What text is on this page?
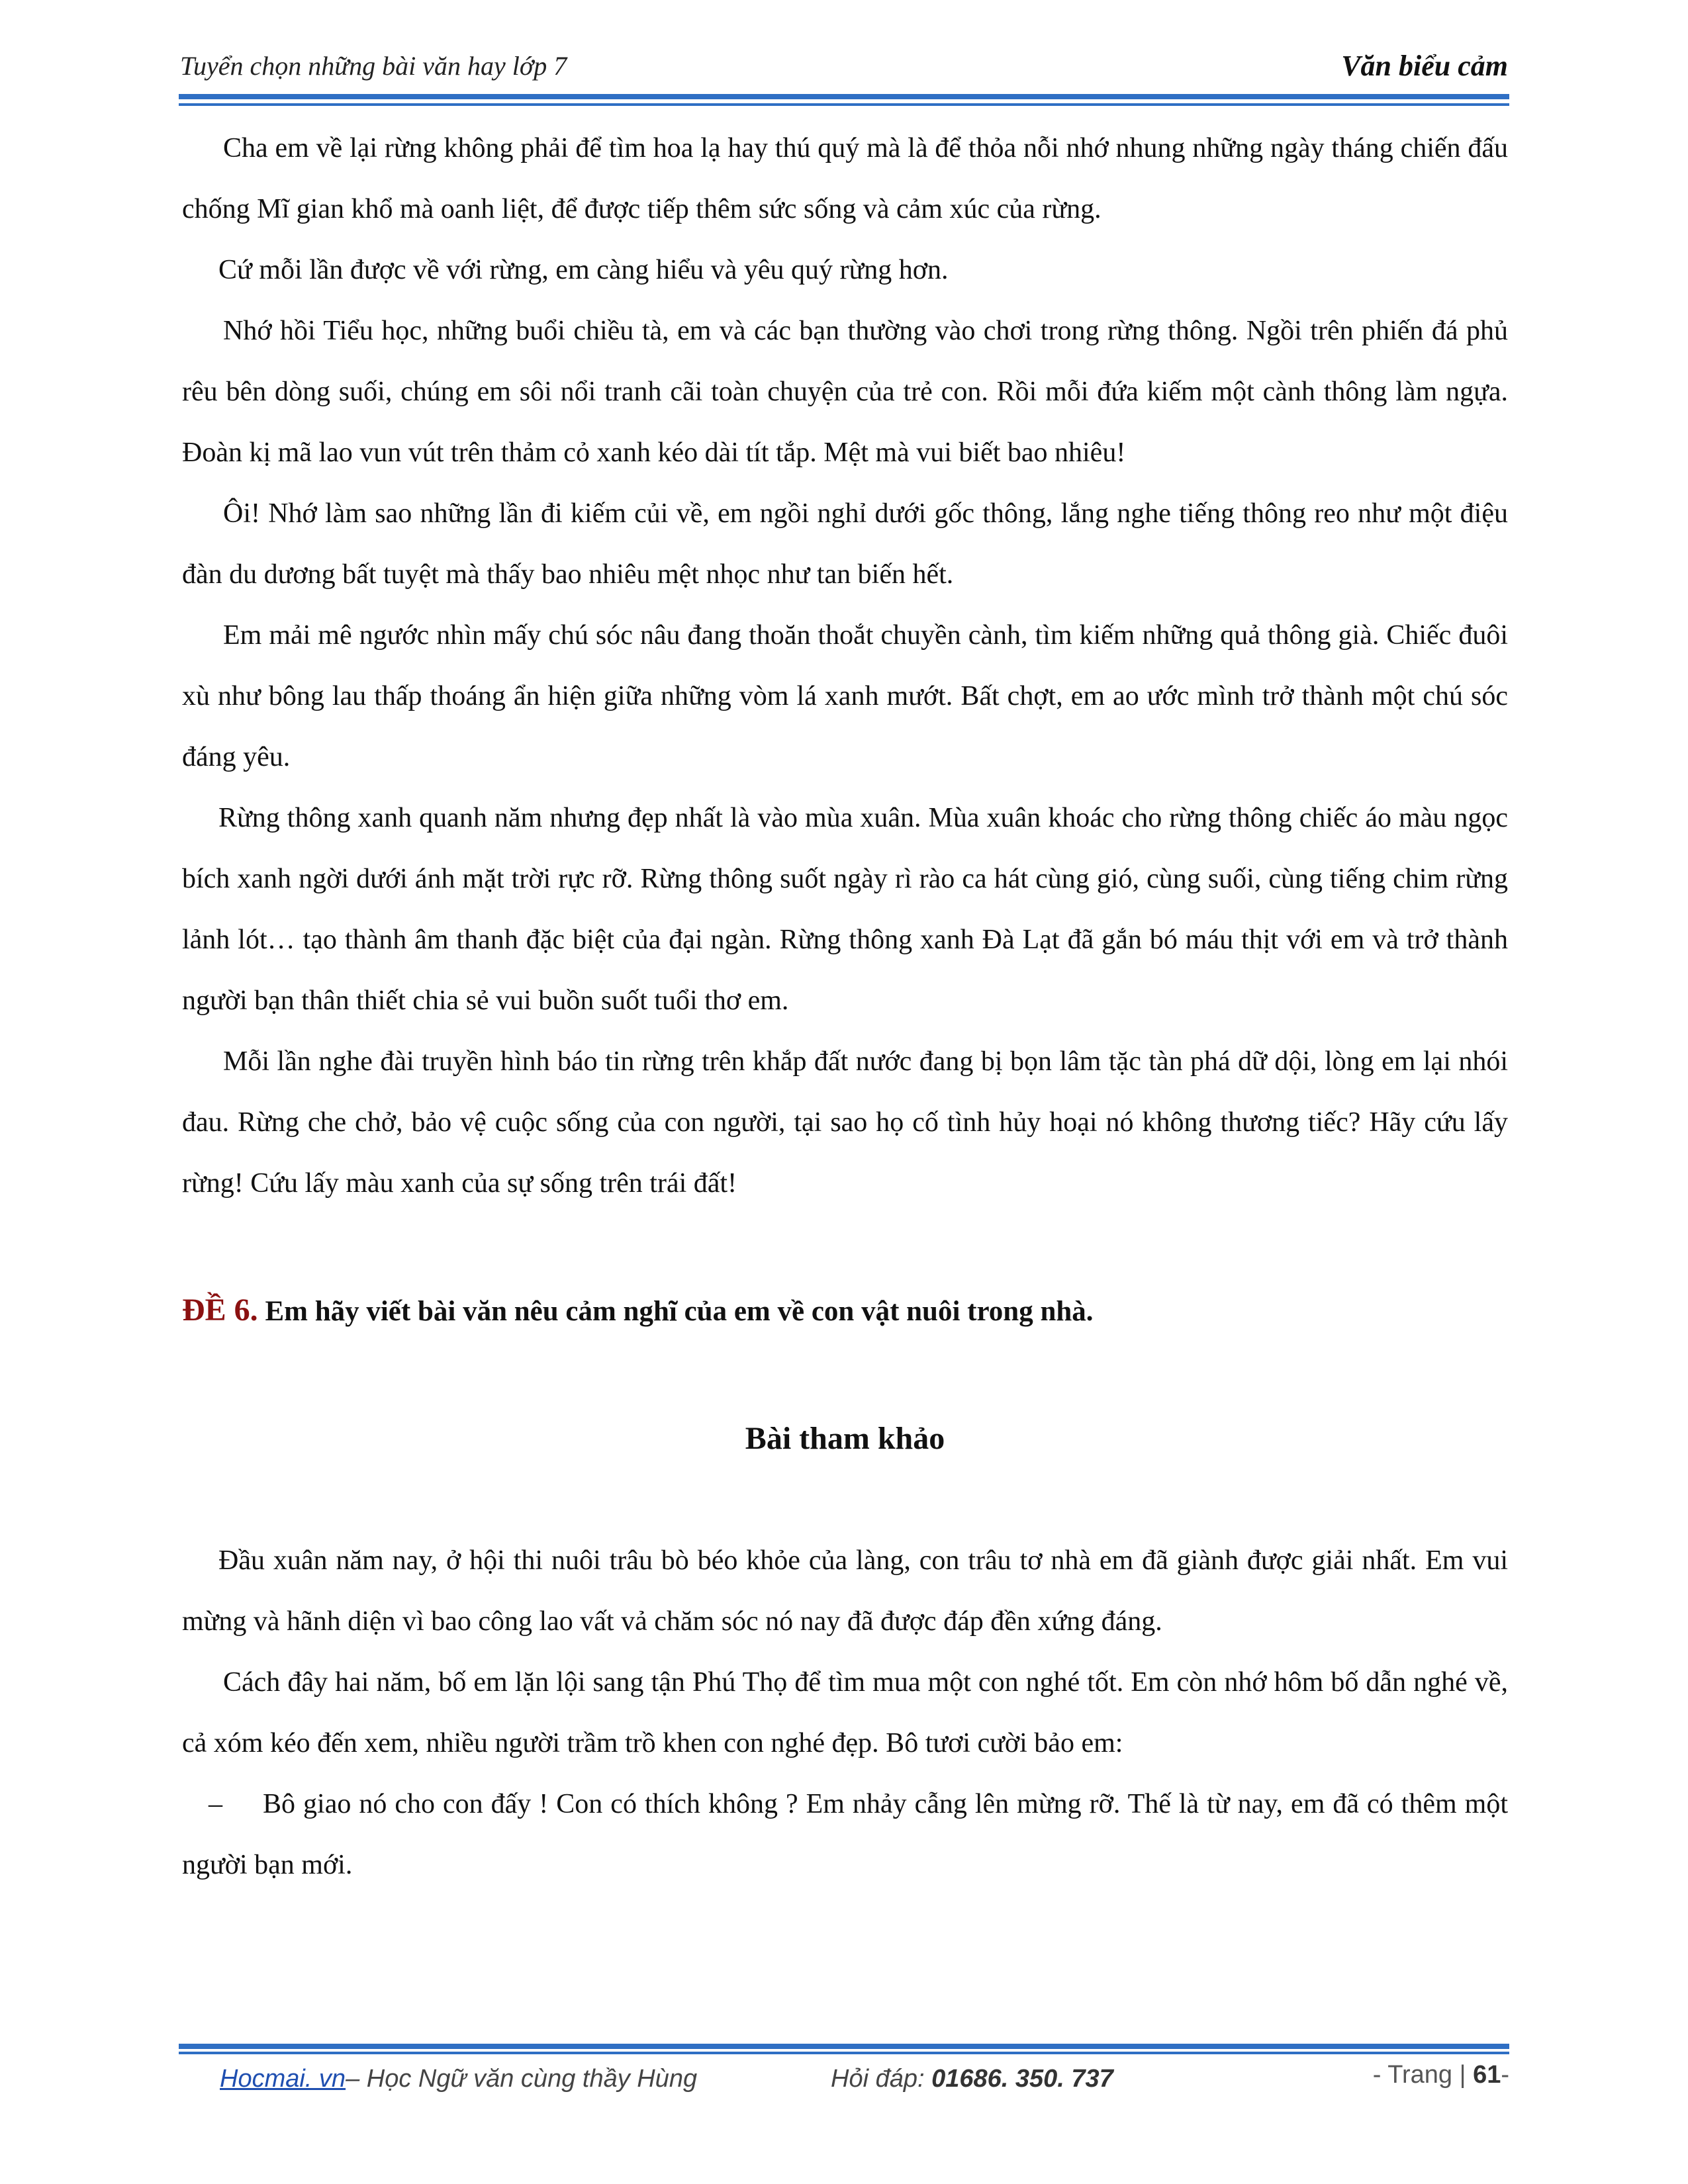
Tuyển chọn những bài văn hay lớp 7	Văn biểu cảm

Cha em về lại rừng không phải để tìm hoa lạ hay thú quý mà là để thỏa nỗi nhớ nhung những ngày tháng chiến đấu chống Mĩ gian khổ mà oanh liệt, để được tiếp thêm sức sống và cảm xúc của rừng.

Cứ mỗi lần được về với rừng, em càng hiểu và yêu quý rừng hơn.

Nhớ hồi Tiểu học, những buổi chiều tà, em và các bạn thường vào chơi trong rừng thông. Ngồi trên phiến đá phủ rêu bên dòng suối, chúng em sôi nổi tranh cãi toàn chuyện của trẻ con. Rồi mỗi đứa kiếm một cành thông làm ngựa. Đoàn kị mã lao vun vút trên thảm cỏ xanh kéo dài tít tắp. Mệt mà vui biết bao nhiêu!

Ôi! Nhớ làm sao những lần đi kiếm củi về, em ngồi nghỉ dưới gốc thông, lắng nghe tiếng thông reo như một điệu đàn du dương bất tuyệt mà thấy bao nhiêu mệt nhọc như tan biến hết.

Em mải mê ngước nhìn mấy chú sóc nâu đang thoăn thoắt chuyền cành, tìm kiếm những quả thông già. Chiếc đuôi xù như bông lau thấp thoáng ẩn hiện giữa những vòm lá xanh mướt. Bất chợt, em ao ước mình trở thành một chú sóc đáng yêu.

Rừng thông xanh quanh năm nhưng đẹp nhất là vào mùa xuân. Mùa xuân khoác cho rừng thông chiếc áo màu ngọc bích xanh ngời dưới ánh mặt trời rực rỡ. Rừng thông suốt ngày rì rào ca hát cùng gió, cùng suối, cùng tiếng chim rừng lảnh lót… tạo thành âm thanh đặc biệt của đại ngàn. Rừng thông xanh Đà Lạt đã gắn bó máu thịt với em và trở thành người bạn thân thiết chia sẻ vui buồn suốt tuổi thơ em.

Mỗi lần nghe đài truyền hình báo tin rừng trên khắp đất nước đang bị bọn lâm tặc tàn phá dữ dội, lòng em lại nhói đau. Rừng che chở, bảo vệ cuộc sống của con người, tại sao họ cố tình hủy hoại nó không thương tiếc? Hãy cứu lấy rừng! Cứu lấy màu xanh của sự sống trên trái đất!

ĐỀ 6. Em hãy viết bài văn nêu cảm nghĩ của em về con vật nuôi trong nhà.

Bài tham khảo

Đầu xuân năm nay, ở hội thi nuôi trâu bò béo khỏe của làng, con trâu tơ nhà em đã giành được giải nhất. Em vui mừng và hãnh diện vì bao công lao vất vả chăm sóc nó nay đã được đáp đền xứng đáng.

Cách đây hai năm, bố em lặn lội sang tận Phú Thọ để tìm mua một con nghé tốt. Em còn nhớ hôm bố dẫn nghé về, cả xóm kéo đến xem, nhiều người trầm trồ khen con nghé đẹp. Bô tươi cười bảo em:

– Bô giao nó cho con đấy ! Con có thích không ? Em nhảy cẫng lên mừng rỡ. Thế là từ nay, em đã có thêm một người bạn mới.

Hocmai. vn– Học Ngữ văn cùng thầy Hùng	Hỏi đáp: 01686. 350. 737	- Trang | 61-
